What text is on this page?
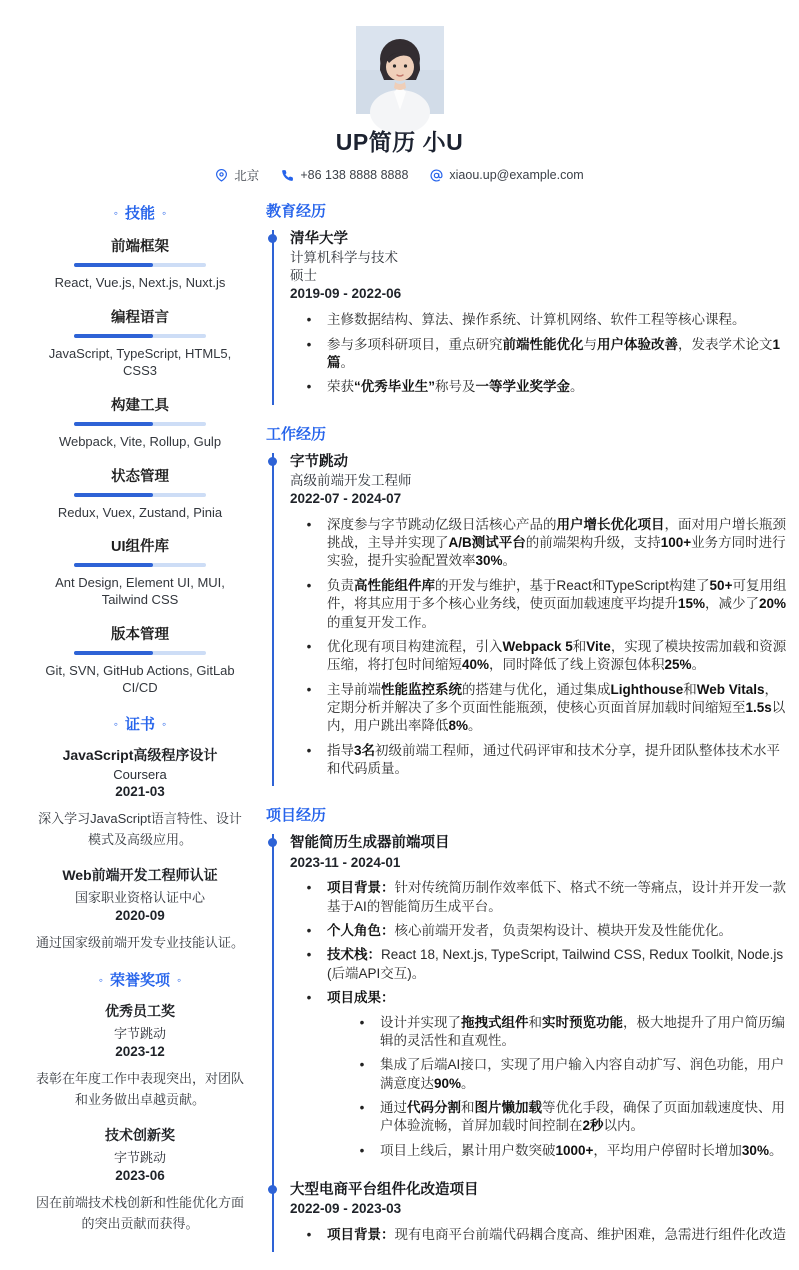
UP简历 小U
北京	+86 138 8888 8888	xiaou.up@example.com
◦ 技能 ◦
前端框架
React, Vue.js, Next.js, Nuxt.js
编程语言
JavaScript, TypeScript, HTML5, CSS3
构建工具
Webpack, Vite, Rollup, Gulp
状态管理
Redux, Vuex, Zustand, Pinia
UI组件库
Ant Design, Element UI, MUI, Tailwind CSS
版本管理
Git, SVN, GitHub Actions, GitLab CI/CD
◦ 证书 ◦
JavaScript高级程序设计
Coursera
2021-03
深入学习JavaScript语言特性、设计模式及高级应用。
Web前端开发工程师认证
国家职业资格认证中心
2020-09
通过国家级前端开发专业技能认证。
◦ 荣誉奖项 ◦
优秀员工奖
字节跳动
2023-12
表彰在年度工作中表现突出，对团队和业务做出卓越贡献。
技术创新奖
字节跳动
2023-06
因在前端技术栈创新和性能优化方面的突出贡献而获得。
教育经历
清华大学
计算机科学与技术
硕士
2019-09 - 2022-06
• 主修数据结构、算法、操作系统、计算机网络、软件工程等核心课程。
• 参与多项科研项目，重点研究前端性能优化与用户体验改善，发表学术论文1篇。
• 荣获“优秀毕业生”称号及一等学业奖学金。
工作经历
字节跳动
高级前端开发工程师
2022-07 - 2024-07
• 深度参与字节跳动亿级日活核心产品的用户增长优化项目，面对用户增长瓶颈挑战，主导并实现了A/B测试平台的前端架构升级，支持100+业务方同时进行实验，提升实验配置效率30%。
• 负责高性能组件库的开发与维护，基于React和TypeScript构建了50+可复用组件，将其应用于多个核心业务线，使页面加载速度平均提升15%，减少了20%的重复开发工作。
• 优化现有项目构建流程，引入Webpack 5和Vite，实现了模块按需加载和资源压缩，将打包时间缩短40%，同时降低了线上资源包体积25%。
• 主导前端性能监控系统的搭建与优化，通过集成Lighthouse和Web Vitals，定期分析并解决了多个页面性能瓶颈，使核心页面首屏加载时间缩短至1.5s以内，用户跳出率降低8%。
• 指导3名初级前端工程师，通过代码评审和技术分享，提升团队整体技术水平和代码质量。
项目经历
智能简历生成器前端项目
2023-11 - 2024-01
• 项目背景：针对传统简历制作效率低下、格式不统一等痛点，设计并开发一款基于AI的智能简历生成平台。
• 个人角色：核心前端开发者，负责架构设计、模块开发及性能优化。
• 技术栈：React 18, Next.js, TypeScript, Tailwind CSS, Redux Toolkit, Node.js (后端API交互)。
• 项目成果：
• 设计并实现了拖拽式组件和实时预览功能，极大地提升了用户简历编辑的灵活性和直观性。
• 集成了后端AI接口，实现了用户输入内容自动扩写、润色功能，用户满意度达90%。
• 通过代码分割和图片懒加载等优化手段，确保了页面加载速度快、用户体验流畅，首屏加载时间控制在2秒以内。
• 项目上线后，累计用户数突破1000+，平均用户停留时长增加30%。
大型电商平台组件化改造项目
2022-09 - 2023-03
• 项目背景：现有电商平台前端代码耦合度高、维护困难，急需进行组件化改造
